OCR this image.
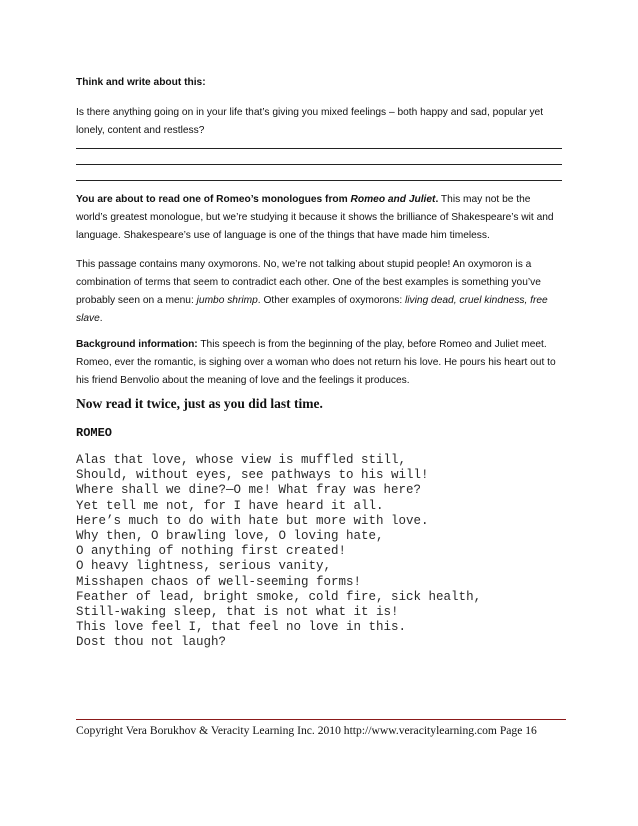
Think and write about this:

Is there anything going on in your life that’s giving you mixed feelings – both happy and sad, popular yet lonely, content and restless?

You are about to read one of Romeo’s monologues from Romeo and Juliet. This may not be the world’s greatest monologue, but we’re studying it because it shows the brilliance of Shakespeare’s wit and language. Shakespeare’s use of language is one of the things that have made him timeless.

This passage contains many oxymorons. No, we’re not talking about stupid people! An oxymoron is a combination of terms that seem to contradict each other. One of the best examples is something you’ve probably seen on a menu: jumbo shrimp. Other examples of oxymorons: living dead, cruel kindness, free slave.

Background information: This speech is from the beginning of the play, before Romeo and Juliet meet. Romeo, ever the romantic, is sighing over a woman who does not return his love. He pours his heart out to his friend Benvolio about the meaning of love and the feelings it produces.

Now read it twice, just as you did last time.
ROMEO
Alas that love, whose view is muffled still,
Should, without eyes, see pathways to his will!
Where shall we dine?—O me! What fray was here?
Yet tell me not, for I have heard it all.
Here’s much to do with hate but more with love.
Why then, O brawling love, O loving hate,
O anything of nothing first created!
O heavy lightness, serious vanity,
Misshapen chaos of well-seeming forms!
Feather of lead, bright smoke, cold fire, sick health,
Still-waking sleep, that is not what it is!
This love feel I, that feel no love in this.
Dost thou not laugh?
Copyright Vera Borukhov & Veracity Learning Inc. 2010 http://www.veracitylearning.com Page 16
